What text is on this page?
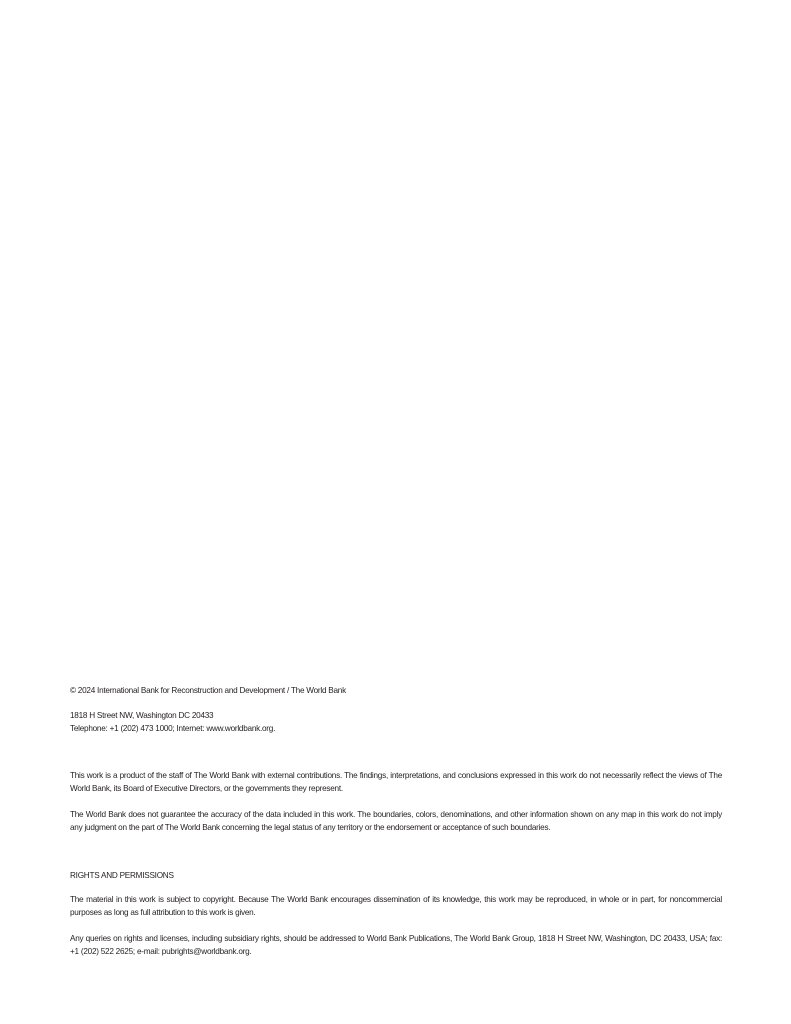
© 2024 International Bank for Reconstruction and Development / The World Bank

1818 H Street NW, Washington DC 20433

Telephone: +1 (202) 473 1000; Internet: www.worldbank.org.

This work is a product of the staff of The World Bank with external contributions. The findings, interpretations, and conclusions expressed in this work do not necessarily reflect the views of The World Bank, its Board of Executive Directors, or the governments they represent.

The World Bank does not guarantee the accuracy of the data included in this work. The boundaries, colors, denominations, and other information shown on any map in this work do not imply any judgment on the part of The World Bank concerning the legal status of any territory or the endorsement or acceptance of such boundaries.

RIGHTS AND PERMISSIONS

The material in this work is subject to copyright. Because The World Bank encourages dissemination of its knowledge, this work may be reproduced, in whole or in part, for noncommercial purposes as long as full attribution to this work is given.

Any queries on rights and licenses, including subsidiary rights, should be addressed to World Bank Publications, The World Bank Group, 1818 H Street NW, Washington, DC 20433, USA; fax: +1 (202) 522 2625; e-mail: pubrights@worldbank.org.
